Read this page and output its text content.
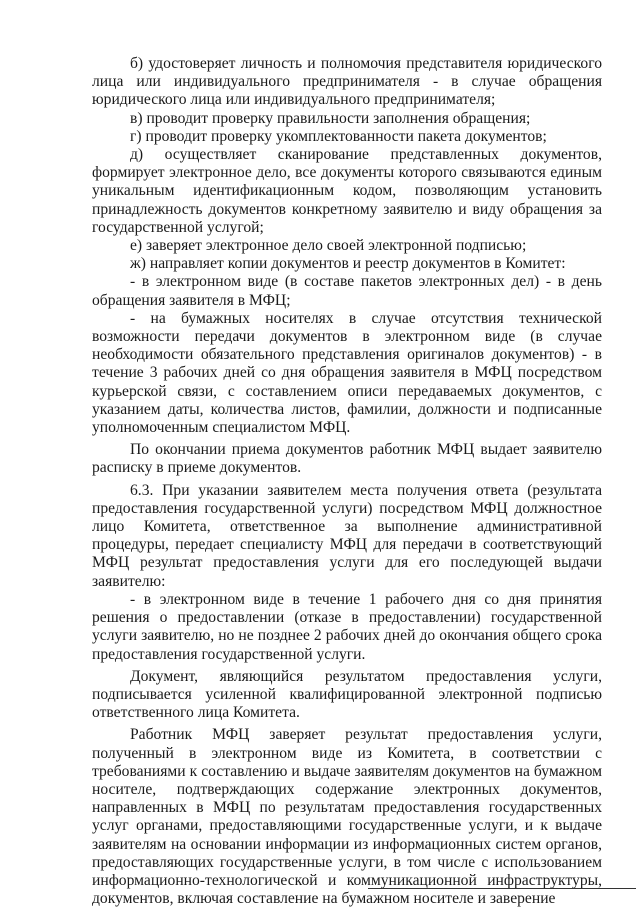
б) удостоверяет личность и полномочия представителя юридического лица или индивидуального предпринимателя - в случае обращения юридического лица или индивидуального предпринимателя;

в) проводит проверку правильности заполнения обращения;

г) проводит проверку укомплектованности пакета документов;

д) осуществляет сканирование представленных документов, формирует электронное дело, все документы которого связываются единым уникальным идентификационным кодом, позволяющим установить принадлежность документов конкретному заявителю и виду обращения за государственной услугой;

е) заверяет электронное дело своей электронной подписью;

ж) направляет копии документов и реестр документов в Комитет:

- в электронном виде (в составе пакетов электронных дел) - в день обращения заявителя в МФЦ;

- на бумажных носителях в случае отсутствия технической возможности передачи документов в электронном виде (в случае необходимости обязательного представления оригиналов документов) - в течение 3 рабочих дней со дня обращения заявителя в МФЦ посредством курьерской связи, с составлением описи передаваемых документов, с указанием даты, количества листов, фамилии, должности и подписанные уполномоченным специалистом МФЦ.

По окончании приема документов работник МФЦ выдает заявителю расписку в приеме документов.

6.3. При указании заявителем места получения ответа (результата предоставления государственной услуги) посредством МФЦ должностное лицо Комитета, ответственное за выполнение административной процедуры, передает специалисту МФЦ для передачи в соответствующий МФЦ результат предоставления услуги для его последующей выдачи заявителю:

- в электронном виде в течение 1 рабочего дня со дня принятия решения о предоставлении (отказе в предоставлении) государственной услуги заявителю, но не позднее 2 рабочих дней до окончания общего срока предоставления государственной услуги.

Документ, являющийся результатом предоставления услуги, подписывается усиленной квалифицированной электронной подписью ответственного лица Комитета.

Работник МФЦ заверяет результат предоставления услуги, полученный в электронном виде из Комитета, в соответствии с требованиями к составлению и выдаче заявителям документов на бумажном носителе, подтверждающих содержание электронных документов, направленных в МФЦ по результатам предоставления государственных услуг органами, предоставляющими государственные услуги, и к выдаче заявителям на основании информации из информационных систем органов, предоставляющих государственные услуги, в том числе с использованием информационно-технологической и коммуникационной инфраструктуры, документов, включая составление на бумажном носителе и заверение
